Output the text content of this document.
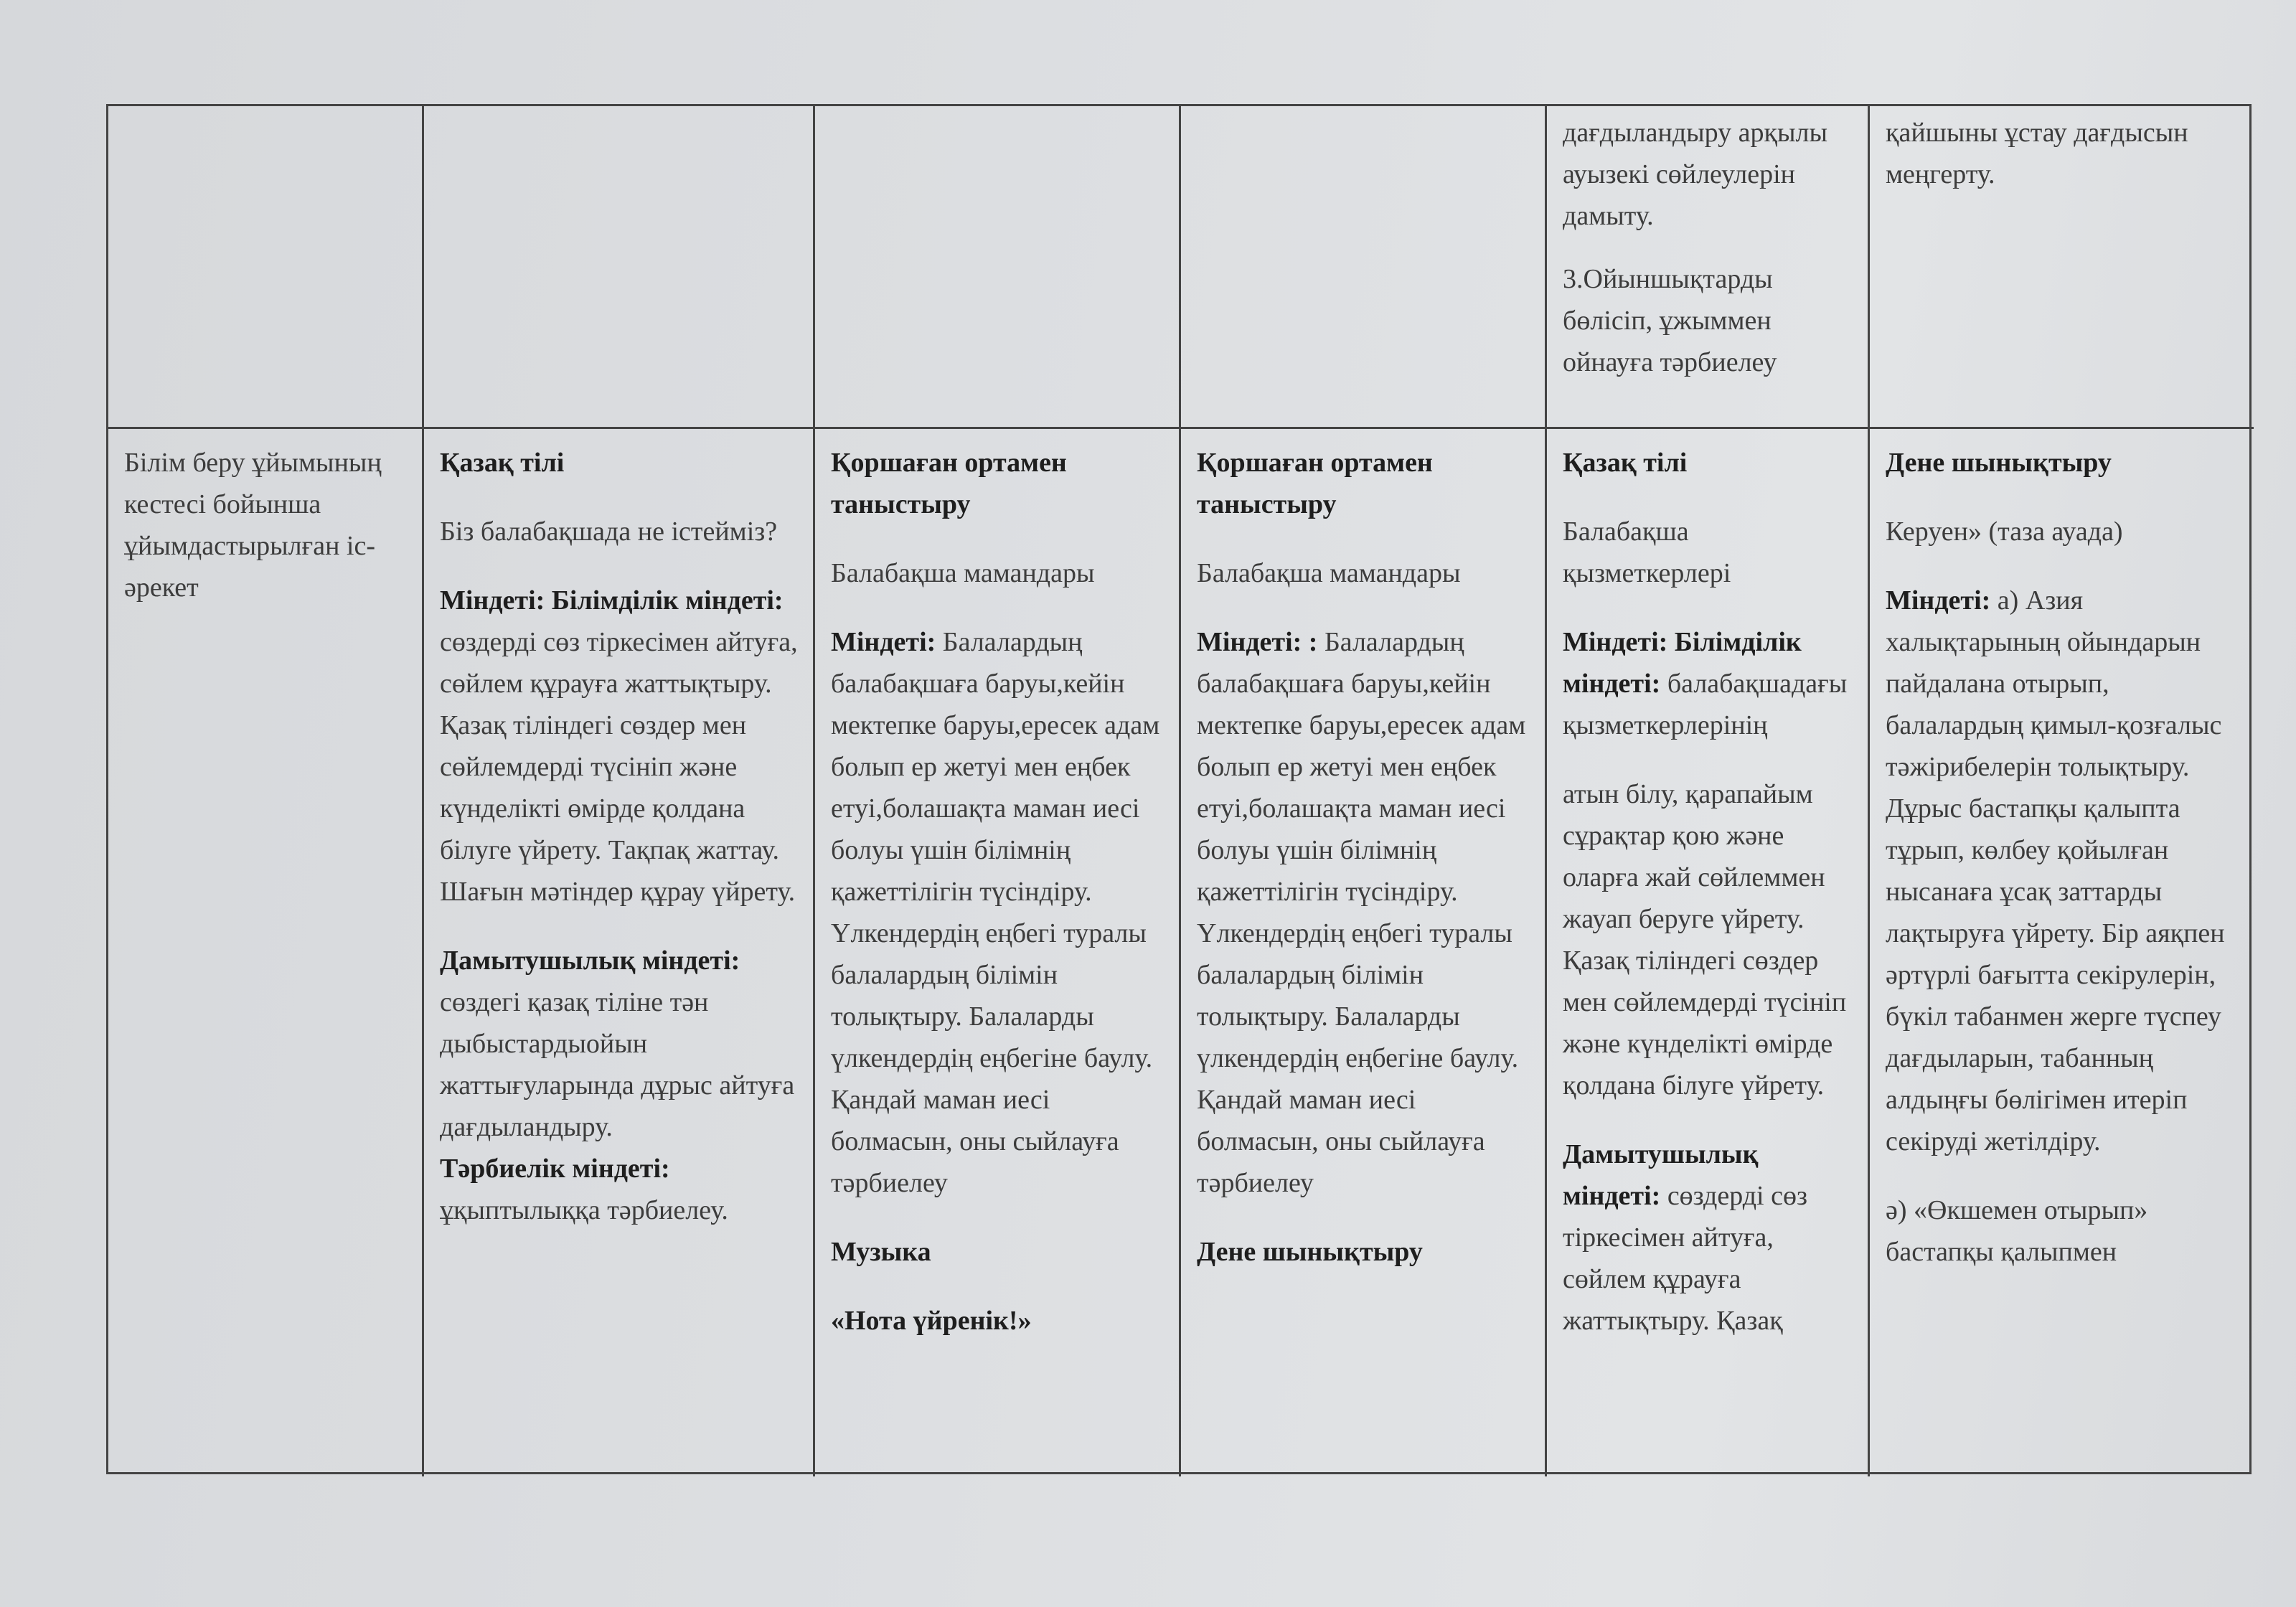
дағдыландыру арқылы ауызекі сөйлеулерін дамыту.

3.Ойыншықтарды бөлісіп, ұжыммен ойнауға тәрбиелеу

қайшыны ұстау дағдысын меңгерту.

Білім беру ұйымының кестесі бойынша ұйымдастырылған іс-әрекет

Қазақ тілі

Біз балабақшада не істейміз?

Міндеті: Білімділік міндеті: сөздерді сөз тіркесімен айтуға, сөйлем құрауға жаттықтыру. Қазақ тіліндегі сөздер мен сөйлемдерді түсініп және күнделікті өмірде қолдана білуге үйрету. Тақпақ жаттау. Шағын мәтіндер құрау үйрету.

Дамытушылық міндеті: сөздегі қазақ тіліне тән дыбыстардыойын жаттығуларында дұрыс айтуға дағдыландыру.

Тәрбиелік міндеті: ұқыптылыққа тәрбиелеу.

Қоршаған ортамен таныстыру

Балабақша мамандары

Міндеті: Балалардың балабақшаға баруы,кейін мектепке баруы,ересек адам болып ер жетуі мен еңбек етуі,болашақта маман иесі болуы үшін білімнің қажеттілігін түсіндіру. Үлкендердің еңбегі туралы балалардың білімін толықтыру. Балаларды үлкендердің еңбегіне баулу. Қандай маман иесі болмасын, оны сыйлауға тәрбиелеу

Музыка

«Нота үйренік!»

Қоршаған ортамен таныстыру

Балабақша мамандары

Міндеті: : Балалардың балабақшаға баруы,кейін мектепке баруы,ересек адам болып ер жетуі мен еңбек етуі,болашақта маман иесі болуы үшін білімнің қажеттілігін түсіндіру. Үлкендердің еңбегі туралы балалардың білімін толықтыру. Балаларды үлкендердің еңбегіне баулу. Қандай маман иесі болмасын, оны сыйлауға тәрбиелеу

Дене шынықтыру

Қазақ тілі

Балабақша қызметкерлері

Міндеті: Білімділік міндеті: балабақшадағы қызметкерлерінің

атын білу, қарапайым сұрақтар қою және оларға жай сөйлеммен жауап беруге үйрету. Қазақ тіліндегі сөздер мен сөйлемдерді түсініп және күнделікті өмірде қолдана білуге үйрету.

Дамытушылық міндеті: сөздерді сөз тіркесімен айтуға, сөйлем құрауға жаттықтыру. Қазақ

Дене шынықтыру

Керуен» (таза ауада)

Міндеті: а) Азия халықтарының ойындарын пайдалана отырып, балалардың қимыл-қозғалыс тәжірибелерін толықтыру. Дұрыс бастапқы қалыпта тұрып, көлбеу қойылған нысанаға ұсақ заттарды лақтыруға үйрету. Бір аяқпен әртүрлі бағытта секірулерін, бүкіл табанмен жерге түспеу дағдыларын, табанның алдыңғы бөлігімен итеріп секіруді жетілдіру.

ә) «Өкшемен отырып» бастапқы қалыпмен
